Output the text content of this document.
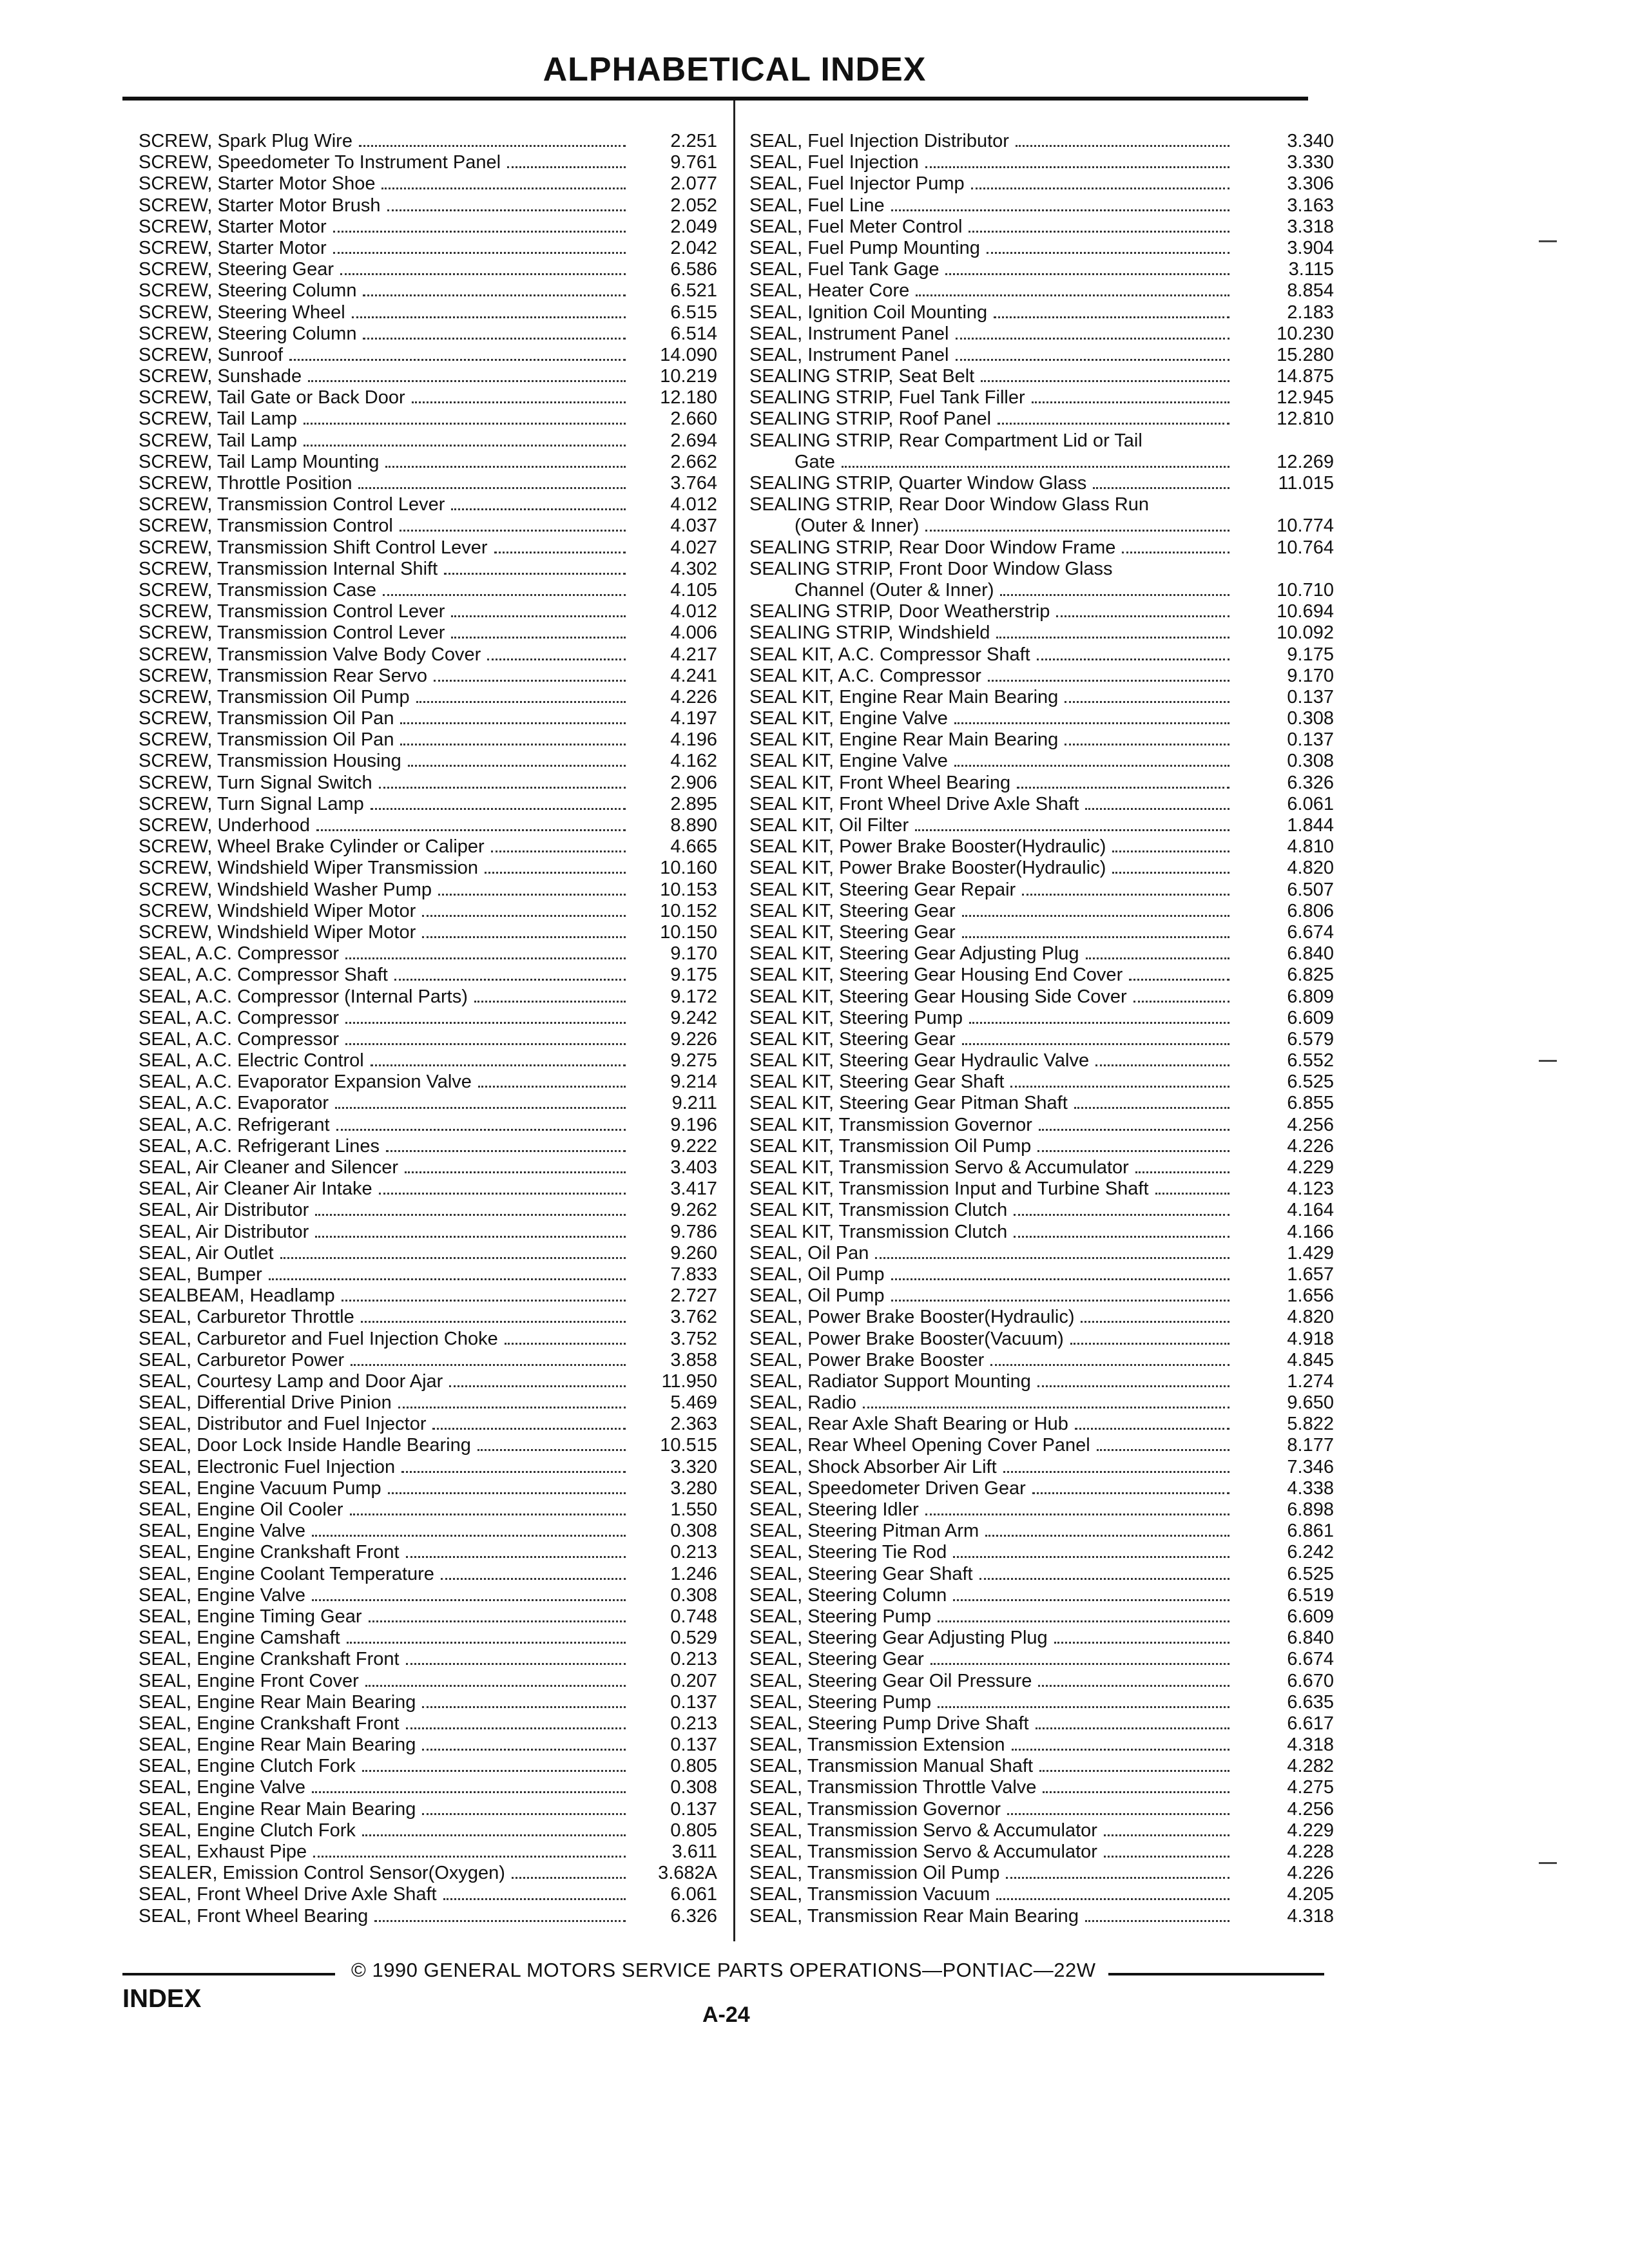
ALPHABETICAL INDEX
SCREW, Spark Plug Wire	2.251
SCREW, Speedometer To Instrument Panel	9.761
SCREW, Starter Motor Shoe	2.077
SCREW, Starter Motor Brush	2.052
SCREW, Starter Motor	2.049
SCREW, Starter Motor	2.042
SCREW, Steering Gear	6.586
SCREW, Steering Column	6.521
SCREW, Steering Wheel	6.515
SCREW, Steering Column	6.514
SCREW, Sunroof	14.090
SCREW, Sunshade	10.219
SCREW, Tail Gate or Back Door	12.180
SCREW, Tail Lamp	2.660
SCREW, Tail Lamp	2.694
SCREW, Tail Lamp Mounting	2.662
SCREW, Throttle Position	3.764
SCREW, Transmission Control Lever	4.012
SCREW, Transmission Control	4.037
SCREW, Transmission Shift Control Lever	4.027
SCREW, Transmission Internal Shift	4.302
SCREW, Transmission Case	4.105
SCREW, Transmission Control Lever	4.012
SCREW, Transmission Control Lever	4.006
SCREW, Transmission Valve Body Cover	4.217
SCREW, Transmission Rear Servo	4.241
SCREW, Transmission Oil Pump	4.226
SCREW, Transmission Oil Pan	4.197
SCREW, Transmission Oil Pan	4.196
SCREW, Transmission Housing	4.162
SCREW, Turn Signal Switch	2.906
SCREW, Turn Signal Lamp	2.895
SCREW, Underhood	8.890
SCREW, Wheel Brake Cylinder or Caliper	4.665
SCREW, Windshield Wiper Transmission	10.160
SCREW, Windshield Washer Pump	10.153
SCREW, Windshield Wiper Motor	10.152
SCREW, Windshield Wiper Motor	10.150
SEAL, A.C. Compressor	9.170
SEAL, A.C. Compressor Shaft	9.175
SEAL, A.C. Compressor (Internal Parts)	9.172
SEAL, A.C. Compressor	9.242
SEAL, A.C. Compressor	9.226
SEAL, A.C. Electric Control	9.275
SEAL, A.C. Evaporator Expansion Valve	9.214
SEAL, A.C. Evaporator	9.211
SEAL, A.C. Refrigerant	9.196
SEAL, A.C. Refrigerant Lines	9.222
SEAL, Air Cleaner and Silencer	3.403
SEAL, Air Cleaner Air Intake	3.417
SEAL, Air Distributor	9.262
SEAL, Air Distributor	9.786
SEAL, Air Outlet	9.260
SEAL, Bumper	7.833
SEALBEAM, Headlamp	2.727
SEAL, Carburetor Throttle	3.762
SEAL, Carburetor and Fuel Injection Choke	3.752
SEAL, Carburetor Power	3.858
SEAL, Courtesy Lamp and Door Ajar	11.950
SEAL, Differential Drive Pinion	5.469
SEAL, Distributor and Fuel Injector	2.363
SEAL, Door Lock Inside Handle Bearing	10.515
SEAL, Electronic Fuel Injection	3.320
SEAL, Engine Vacuum Pump	3.280
SEAL, Engine Oil Cooler	1.550
SEAL, Engine Valve	0.308
SEAL, Engine Crankshaft Front	0.213
SEAL, Engine Coolant Temperature	1.246
SEAL, Engine Valve	0.308
SEAL, Engine Timing Gear	0.748
SEAL, Engine Camshaft	0.529
SEAL, Engine Crankshaft Front	0.213
SEAL, Engine Front Cover	0.207
SEAL, Engine Rear Main Bearing	0.137
SEAL, Engine Crankshaft Front	0.213
SEAL, Engine Rear Main Bearing	0.137
SEAL, Engine Clutch Fork	0.805
SEAL, Engine Valve	0.308
SEAL, Engine Rear Main Bearing	0.137
SEAL, Engine Clutch Fork	0.805
SEAL, Exhaust Pipe	3.611
SEALER, Emission Control Sensor(Oxygen)	3.682A
SEAL, Front Wheel Drive Axle Shaft	6.061
SEAL, Front Wheel Bearing	6.326
SEAL, Fuel Injection Distributor	3.340
SEAL, Fuel Injection	3.330
SEAL, Fuel Injector Pump	3.306
SEAL, Fuel Line	3.163
SEAL, Fuel Meter Control	3.318
SEAL, Fuel Pump Mounting	3.904
SEAL, Fuel Tank Gage	3.115
SEAL, Heater Core	8.854
SEAL, Ignition Coil Mounting	2.183
SEAL, Instrument Panel	10.230
SEAL, Instrument Panel	15.280
SEALING STRIP, Seat Belt	14.875
SEALING STRIP, Fuel Tank Filler	12.945
SEALING STRIP, Roof Panel	12.810
SEALING STRIP, Rear Compartment Lid or Tail
Gate	12.269
SEALING STRIP, Quarter Window Glass	11.015
SEALING STRIP, Rear Door Window Glass Run
(Outer & Inner)	10.774
SEALING STRIP, Rear Door Window Frame	10.764
SEALING STRIP, Front Door Window Glass
Channel (Outer & Inner)	10.710
SEALING STRIP, Door Weatherstrip	10.694
SEALING STRIP, Windshield	10.092
SEAL KIT, A.C. Compressor Shaft	9.175
SEAL KIT, A.C. Compressor	9.170
SEAL KIT, Engine Rear Main Bearing	0.137
SEAL KIT, Engine Valve	0.308
SEAL KIT, Engine Rear Main Bearing	0.137
SEAL KIT, Engine Valve	0.308
SEAL KIT, Front Wheel Bearing	6.326
SEAL KIT, Front Wheel Drive Axle Shaft	6.061
SEAL KIT, Oil Filter	1.844
SEAL KIT, Power Brake Booster(Hydraulic)	4.810
SEAL KIT, Power Brake Booster(Hydraulic)	4.820
SEAL KIT, Steering Gear Repair	6.507
SEAL KIT, Steering Gear	6.806
SEAL KIT, Steering Gear	6.674
SEAL KIT, Steering Gear Adjusting Plug	6.840
SEAL KIT, Steering Gear Housing End Cover	6.825
SEAL KIT, Steering Gear Housing Side Cover	6.809
SEAL KIT, Steering Pump	6.609
SEAL KIT, Steering Gear	6.579
SEAL KIT, Steering Gear Hydraulic Valve	6.552
SEAL KIT, Steering Gear Shaft	6.525
SEAL KIT, Steering Gear Pitman Shaft	6.855
SEAL KIT, Transmission Governor	4.256
SEAL KIT, Transmission Oil Pump	4.226
SEAL KIT, Transmission Servo & Accumulator	4.229
SEAL KIT, Transmission Input and Turbine Shaft	4.123
SEAL KIT, Transmission Clutch	4.164
SEAL KIT, Transmission Clutch	4.166
SEAL, Oil Pan	1.429
SEAL, Oil Pump	1.657
SEAL, Oil Pump	1.656
SEAL, Power Brake Booster(Hydraulic)	4.820
SEAL, Power Brake Booster(Vacuum)	4.918
SEAL, Power Brake Booster	4.845
SEAL, Radiator Support Mounting	1.274
SEAL, Radio	9.650
SEAL, Rear Axle Shaft Bearing or Hub	5.822
SEAL, Rear Wheel Opening Cover Panel	8.177
SEAL, Shock Absorber Air Lift	7.346
SEAL, Speedometer Driven Gear	4.338
SEAL, Steering Idler	6.898
SEAL, Steering Pitman Arm	6.861
SEAL, Steering Tie Rod	6.242
SEAL, Steering Gear Shaft	6.525
SEAL, Steering Column	6.519
SEAL, Steering Pump	6.609
SEAL, Steering Gear Adjusting Plug	6.840
SEAL, Steering Gear	6.674
SEAL, Steering Gear Oil Pressure	6.670
SEAL, Steering Pump	6.635
SEAL, Steering Pump Drive Shaft	6.617
SEAL, Transmission Extension	4.318
SEAL, Transmission Manual Shaft	4.282
SEAL, Transmission Throttle Valve	4.275
SEAL, Transmission Governor	4.256
SEAL, Transmission Servo & Accumulator	4.229
SEAL, Transmission Servo & Accumulator	4.228
SEAL, Transmission Oil Pump	4.226
SEAL, Transmission Vacuum	4.205
SEAL, Transmission Rear Main Bearing	4.318
© 1990 GENERAL MOTORS SERVICE PARTS OPERATIONS—PONTIAC—22W
INDEX
A-24
